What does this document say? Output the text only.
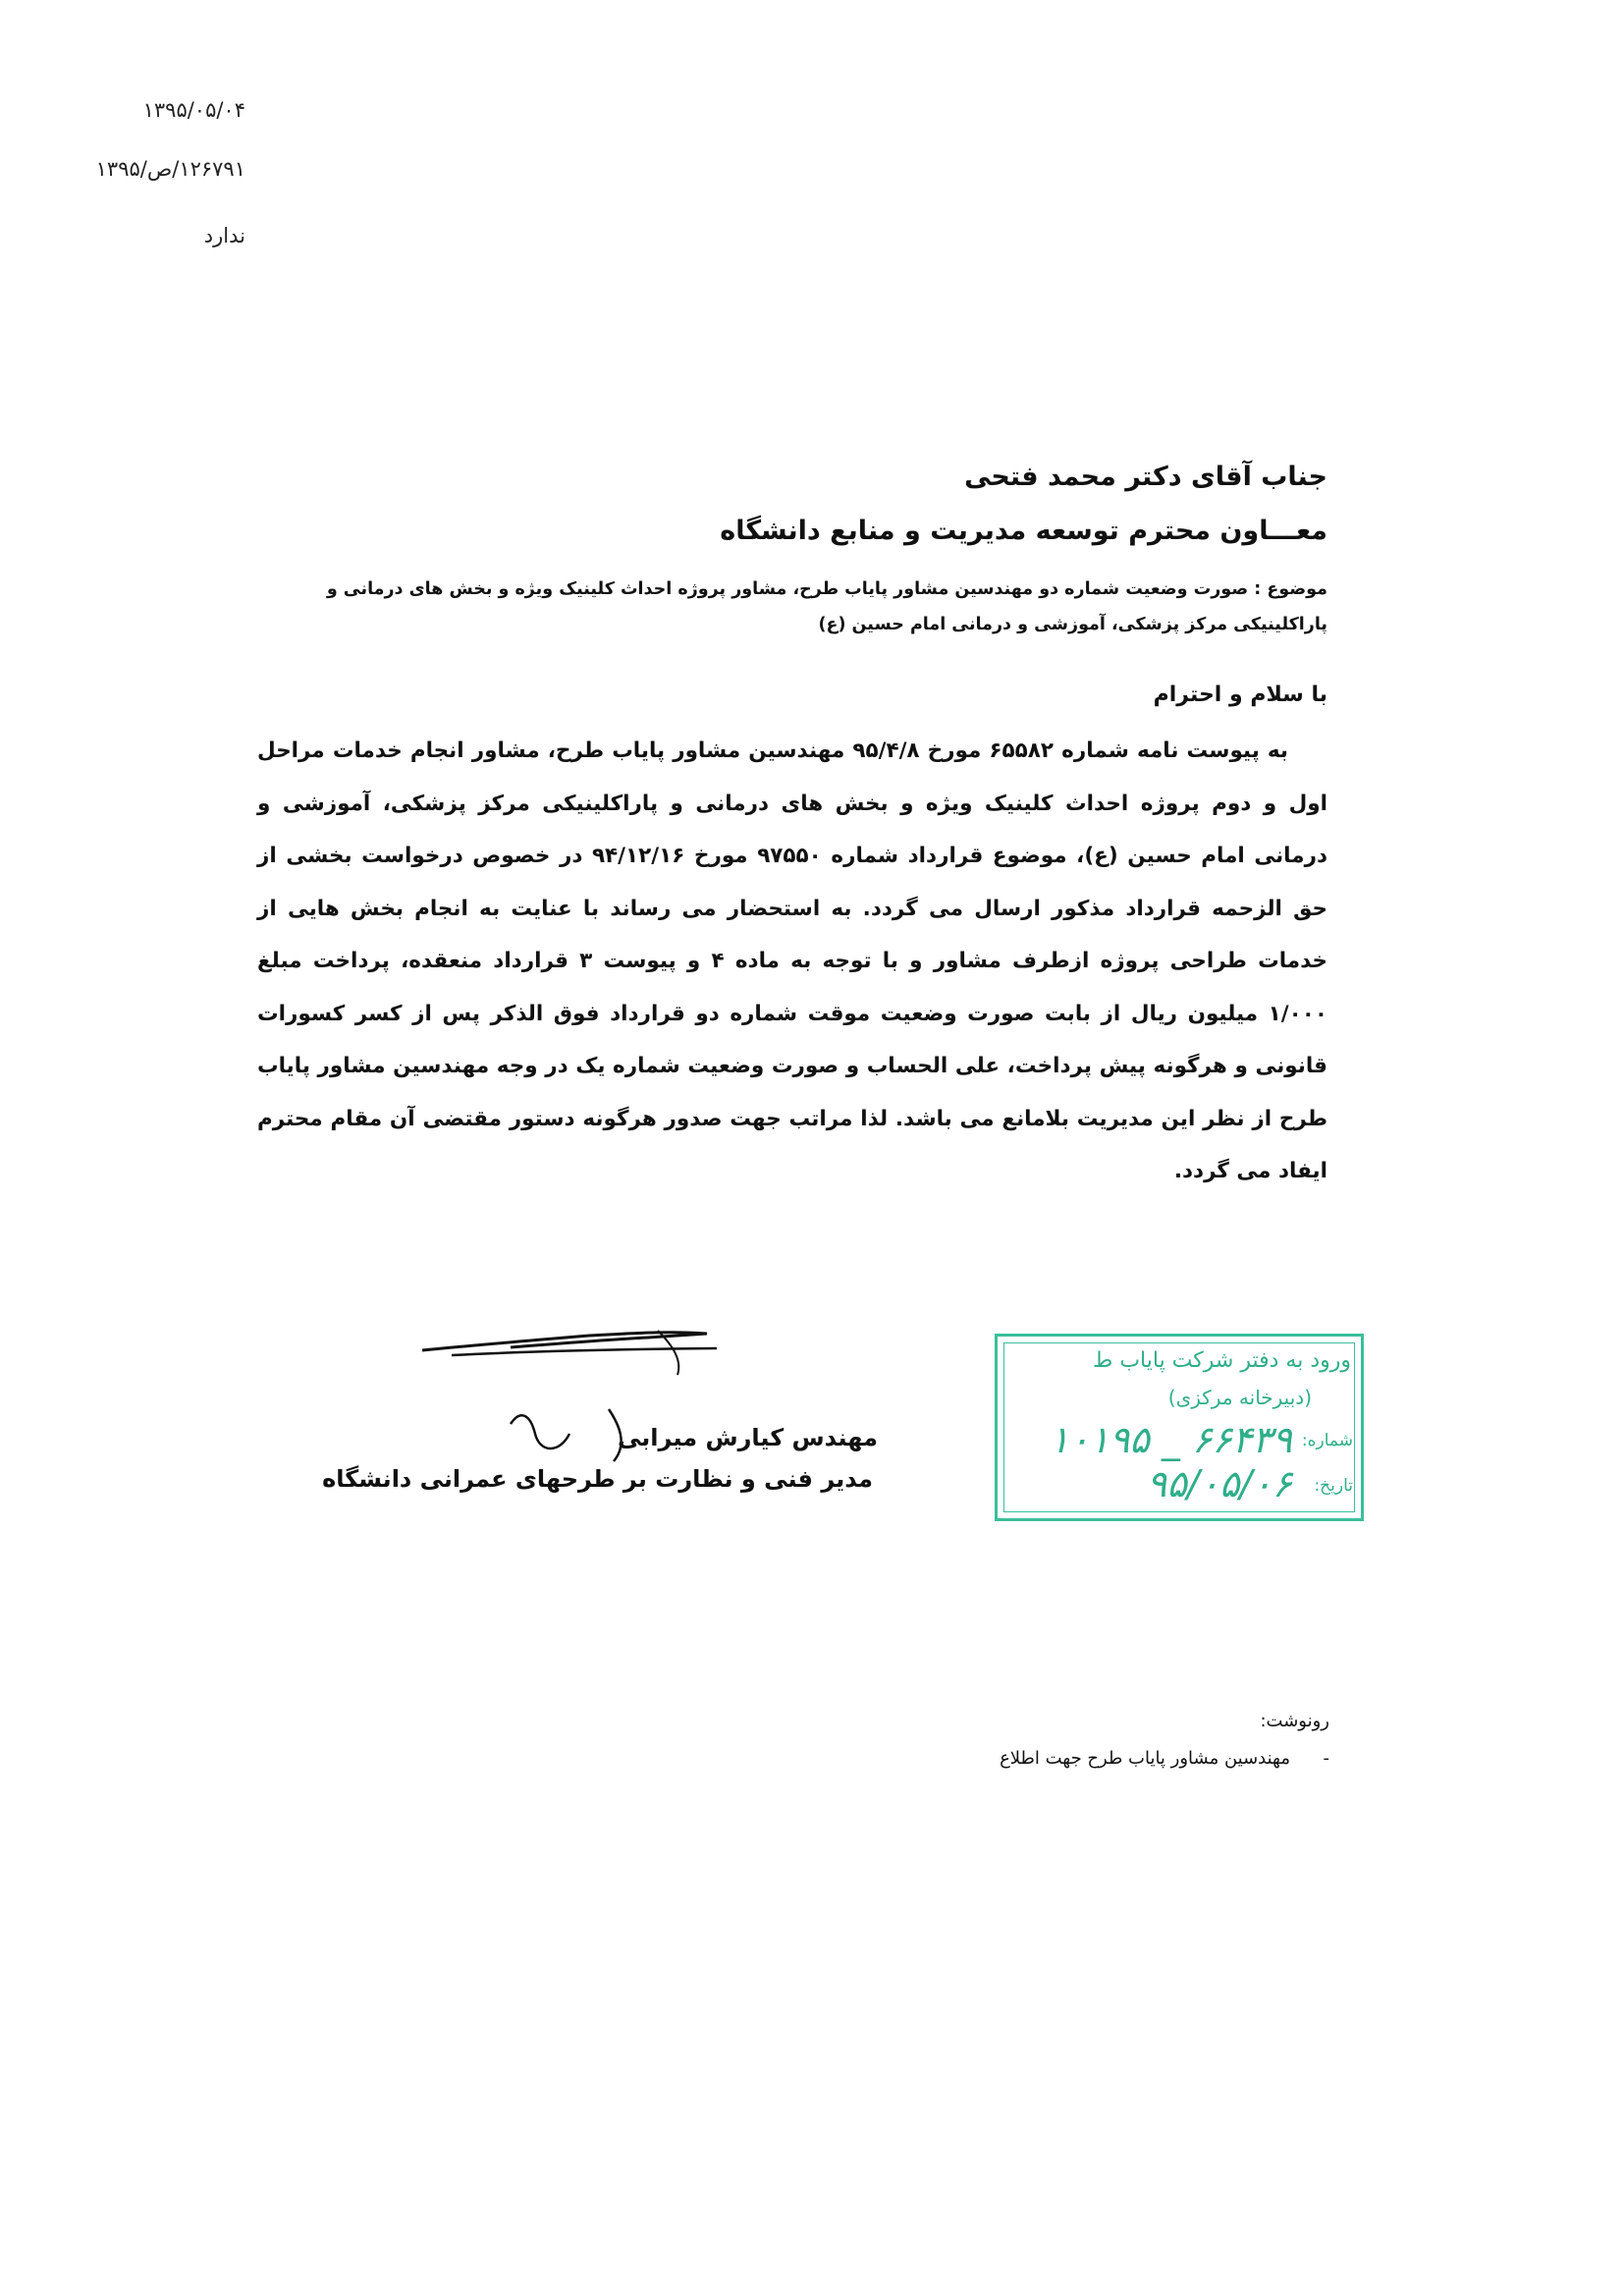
۱۳۹۵/۰۵/۰۴
۱۲۶۷۹۱/ص/۱۳۹۵
ندارد
جناب آقای دکتر محمد فتحی
معـــاون محترم توسعه مدیریت و منابع دانشگاه
موضوع : صورت وضعیت شماره دو مهندسین مشاور پایاب طرح، مشاور پروژه احداث کلینیک ویژه و بخش های درمانی و پاراکلینیکی مرکز پزشکی، آموزشی و درمانی امام حسین (ع)
با سلام و احترام
به پیوست نامه شماره ۶۵۵۸۲ مورخ ۹۵/۴/۸ مهندسین مشاور پایاب طرح، مشاور انجام خدمات مراحل اول و دوم پروژه احداث کلینیک ویژه و بخش های درمانی و پاراکلینیکی مرکز پزشکی، آموزشی و درمانی امام حسین (ع)، موضوع قرارداد شماره ۹۷۵۵۰ مورخ ۹۴/۱۲/۱۶ در خصوص درخواست بخشی از حق الزحمه قرارداد مذکور ارسال می گردد. به استحضار می رساند با عنایت به انجام بخش هایی از خدمات طراحی پروژه ازطرف مشاور و با توجه به ماده ۴ و پیوست ۳ قرارداد منعقده، پرداخت مبلغ ۱/۰۰۰ میلیون ریال از بابت صورت وضعیت موقت شماره دو قرارداد فوق الذکر پس از کسر کسورات قانونی و هرگونه پیش پرداخت، علی الحساب و صورت وضعیت شماره یک در وجه مهندسین مشاور پایاب طرح از نظر این مدیریت بلامانع می باشد. لذا مراتب جهت صدور هرگونه دستور مقتضی آن مقام محترم ایفاد می گردد.
مهندس کیارش میرابی
مدیر فنی و نظارت بر طرحهای عمرانی دانشگاه
ورود به دفتر شرکت پایاب ط
(دبیرخانه مرکزی)
شماره:
۱۰۱۹۵ _ ۶۶۴۳۹
تاریخ:
۹۵/۰۵/۰۶
رونوشت:
-مهندسین مشاور پایاب طرح جهت اطلاع
